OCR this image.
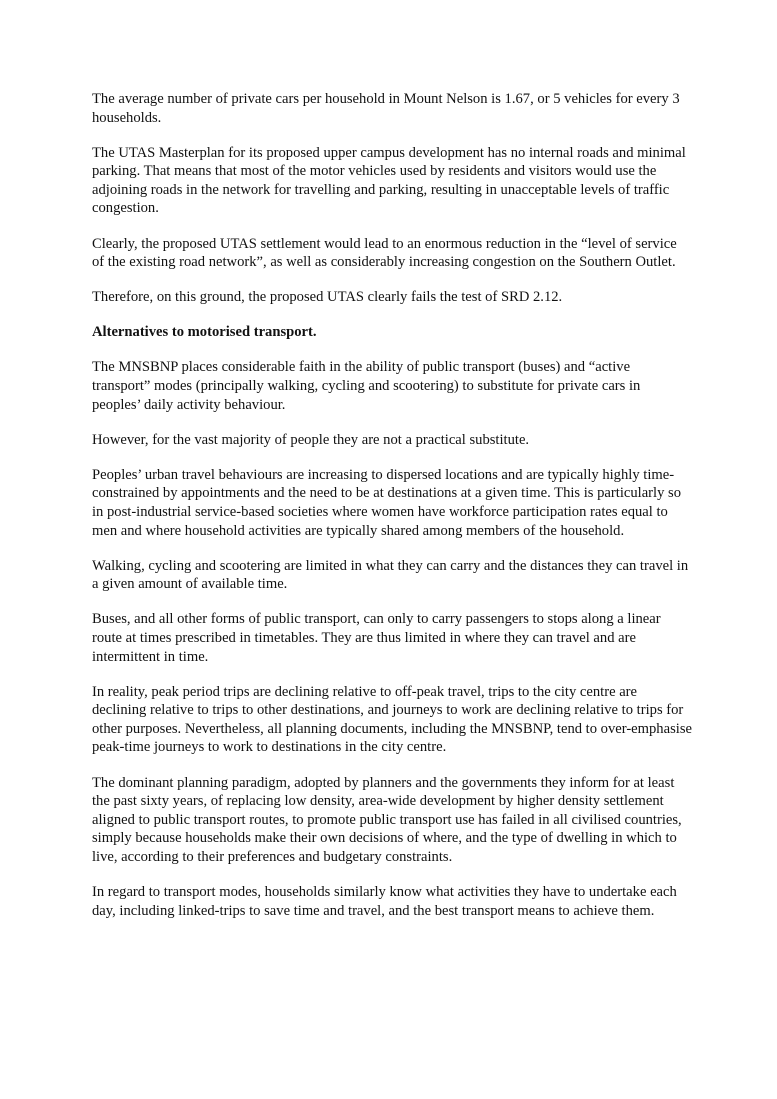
The average number of private cars per household in Mount Nelson is 1.67, or 5 vehicles for every 3 households.

The UTAS Masterplan for its proposed upper campus development has no internal roads and minimal parking. That means that most of the motor vehicles used by residents and visitors would use the adjoining roads in the network for travelling and parking, resulting in unacceptable levels of traffic congestion.

Clearly, the proposed UTAS settlement would lead to an enormous reduction in the “level of service of the existing road network”, as well as considerably increasing congestion on the Southern Outlet.

Therefore, on this ground, the proposed UTAS clearly fails the test of SRD 2.12.

Alternatives to motorised transport.

The MNSBNP places considerable faith in the ability of public transport (buses) and “active transport” modes (principally walking, cycling and scootering) to substitute for private cars in peoples’ daily activity behaviour.

However, for the vast majority of people they are not a practical substitute.

Peoples’ urban travel behaviours are increasing to dispersed locations and are typically highly time-constrained by appointments and the need to be at destinations at a given time. This is particularly so in post-industrial service-based societies where women have workforce participation rates equal to men and where household activities are typically shared among members of the household.

Walking, cycling and scootering are limited in what they can carry and the distances they can travel in a given amount of available time.

Buses, and all other forms of public transport, can only to carry passengers to stops along a linear route at times prescribed in timetables. They are thus limited in where they can travel and are intermittent in time.

In reality, peak period trips are declining relative to off-peak travel, trips to the city centre are declining relative to trips to other destinations, and journeys to work are declining relative to trips for other purposes. Nevertheless, all planning documents, including the MNSBNP, tend to over-emphasise peak-time journeys to work to destinations in the city centre.

The dominant planning paradigm, adopted by planners and the governments they inform for at least the past sixty years, of replacing low density, area-wide development by higher density settlement aligned to public transport routes, to promote public transport use has failed in all civilised countries, simply because households make their own decisions of where, and the type of dwelling in which to live, according to their preferences and budgetary constraints.

In regard to transport modes, households similarly know what activities they have to undertake each day, including linked-trips to save time and travel, and the best transport means to achieve them.
